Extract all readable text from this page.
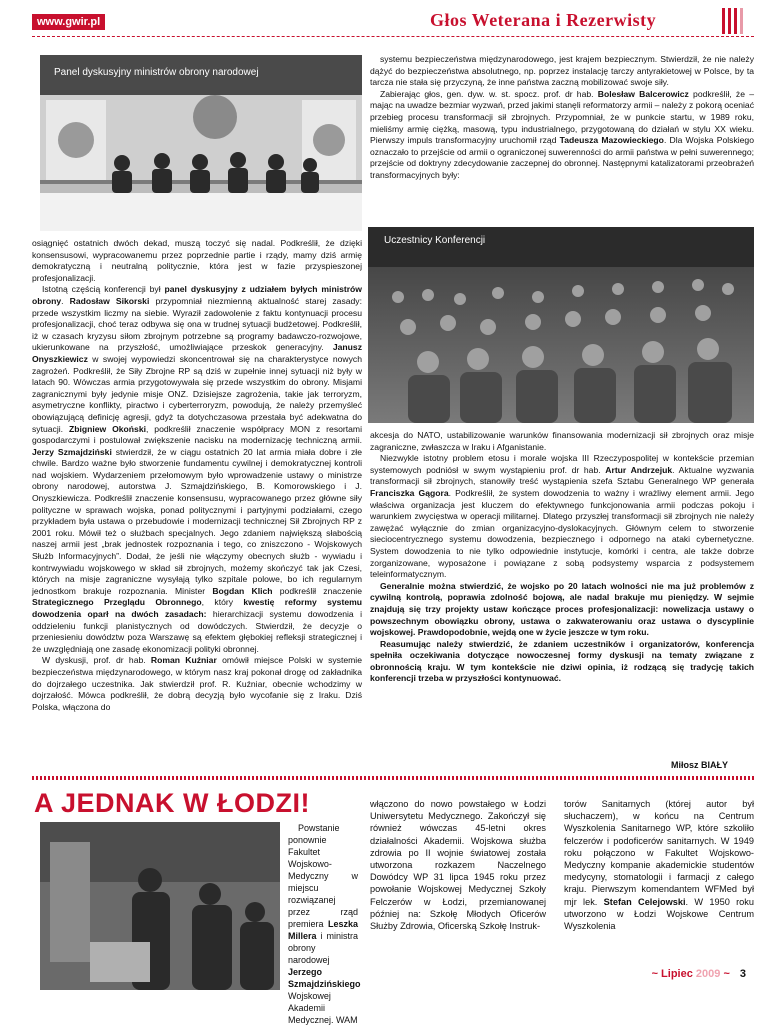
www.gwir.pl	Głos Weterana i Rezerwisty
Panel dyskusyjny ministrów obrony narodowej

systemu bezpieczeństwa międzynarodowego, jest krajem bezpiecznym. Stwierdził, że nie należy dążyć do bezpieczeństwa absolutnego, np. poprzez instalację tarczy antyrakietowej w Polsce, by ta tarcza nie stała się przyczyną, że inne państwa zaczną mobilizować swoje siły.

Zabierając głos, gen. dyw. w. st. spocz. prof. dr hab. Bolesław Balcerowicz podkreślił, że – mając na uwadze bezmiar wyzwań, przed jakimi stanęli reformatorzy armii – należy z pokorą oceniać przebieg procesu transformacji sił zbrojnych. Przypomniał, że w punkcie startu, w 1989 roku, mieliśmy armię ciężką, masową, typu industrialnego, przygotowaną do działań w stylu XX wieku. Pierwszy impuls transformacyjny uruchomił rząd Tadeusza Mazowieckiego. Dla Wojska Polskiego oznaczało to przejście od armii o ograniczonej suwerenności do armii państwa w pełni suwerennego; przejście od doktryny zdecydowanie zaczepnej do obronnej. Następnymi katalizatorami przeobrażeń transformacyjnych były:

osiągnięć ostatnich dwóch dekad, muszą toczyć się nadal. Podkreślił, że dzięki konsensusowi, wypracowanemu przez poprzednie partie i rządy, mamy dziś armię demokratyczną i neutralną politycznie, która jest w fazie przyspieszonej profesjonalizacji.

Istotną częścią konferencji był panel dyskusyjny z udziałem byłych ministrów obrony. Radosław Sikorski przypomniał niezmienną aktualność starej zasady: przede wszystkim liczmy na siebie. Wyraził zadowolenie z faktu kontynuacji procesu profesjonalizacji, choć teraz odbywa się ona w trudnej sytuacji budżetowej. Podkreślił, iż w czasach kryzysu siłom zbrojnym potrzebne są programy badawczo-rozwojowe, ukierunkowane na przyszłość, umożliwiające przeskok generacyjny. Janusz Onyszkiewicz w swojej wypowiedzi skoncentrował się na charakterystyce nowych zagrożeń. Podkreślił, że Siły Zbrojne RP są dziś w zupełnie innej sytuacji niż były w latach 90. Wówczas armia przygotowywała się przede wszystkim do obrony. Misjami zagranicznymi były jedynie misje ONZ. Dzisiejsze zagrożenia, takie jak terroryzm, asymetryczne konflikty, piractwo i cyberterroryzm, powodują, że należy przemyśleć obowiązującą definicję agresji, gdyż ta dotychczasowa przestała być adekwatna do sytuacji. Zbigniew Okoński, podkreślił znaczenie współpracy MON z resortami gospodarczymi i postulował zwiększenie nacisku na modernizację techniczną armii. Jerzy Szmajdziński stwierdził, że w ciągu ostatnich 20 lat armia miała dobre i złe chwile. Bardzo ważne było stworzenie fundamentu cywilnej i demokratycznej kontroli nad wojskiem. Wydarzeniem przełomowym było wprowadzenie ustawy o ministrze obrony narodowej, autorstwa J. Szmajdzińskiego, B. Komorowskiego i J. Onyszkiewicza. Podkreślił znaczenie konsensusu, wypracowanego przez główne siły polityczne w sprawach wojska, ponad politycznymi i partyjnymi podziałami, czego przykładem była ustawa o przebudowie i modernizacji technicznej Sił Zbrojnych RP z 2001 roku. Mówił też o służbach specjalnych. Jego zdaniem największą słabością naszej armii jest „brak jednostek rozpoznania i tego, co zniszczono - Wojskowych Służb Informacyjnych”. Dodał, że jeśli nie włączymy obecnych służb - wywiadu i kontrwywiadu wojskowego w skład sił zbrojnych, możemy skończyć tak jak Czesi, których na misje zagraniczne wysyłają tylko szpitale polowe, bo ich regularnym jednostkom brakuje rozpoznania. Minister Bogdan Klich podkreślił znaczenie Strategicznego Przeglądu Obronnego, który kwestię reformy systemu dowodzenia oparł na dwóch zasadach: hierarchizacji systemu dowodzenia i oddzieleniu funkcji planistycznych od dowódczych. Stwierdził, że decyzje o przeniesieniu dowództw poza Warszawę są efektem głębokiej refleksji strategicznej i że uwzględniają one zasadę ekonomizacji polityki obronnej.

W dyskusji, prof. dr hab. Roman Kuźniar omówił miejsce Polski w systemie bezpieczeństwa międzynarodowego, w którym nasz kraj pokonał drogę od zakładnika do dojrzałego uczestnika. Jak stwierdził prof. R. Kuźniar, obecnie wchodzimy w dojrzałość. Mówca podkreślił, że dobrą decyzją było wycofanie się z Iraku. Dziś Polska, włączona do

Uczestnicy Konferencji

akcesja do NATO, ustabilizowanie warunków finansowania modernizacji sił zbrojnych oraz misje zagraniczne, zwłaszcza w Iraku i Afganistanie.

Niezwykle istotny problem etosu i morale wojska III Rzeczypospolitej w kontekście przemian systemowych podniósł w swym wystąpieniu prof. dr hab. Artur Andrzejuk. Aktualne wyzwania transformacji sił zbrojnych, stanowiły treść wystąpienia szefa Sztabu Generalnego WP generała Franciszka Gągora. Podkreślił, że system dowodzenia to ważny i wrażliwy element armii. Jego właściwa organizacja jest kluczem do efektywnego funkcjonowania armii podczas pokoju i warunkiem zwycięstwa w operacji militarnej. Dlatego przyszłej transformacji sił zbrojnych nie należy zawężać wyłącznie do zmian organizacyjno-dyslokacyjnych. Głównym celem to stworzenie sieciocentrycznego systemu dowodzenia, bezpiecznego i odpornego na ataki cybernetyczne. System dowodzenia to nie tylko odpowiednie instytucje, komórki i centra, ale także dobrze zorganizowane, wyposażone i powiązane z sobą podsystemy wsparcia z podsystemem teleinformatycznym.

Generalnie można stwierdzić, że wojsko po 20 latach wolności nie ma już problemów z cywilną kontrolą, poprawia zdolność bojową, ale nadal brakuje mu pieniędzy. W sejmie znajdują się trzy projekty ustaw kończące proces profesjonalizacji: nowelizacja ustawy o powszechnym obowiązku obrony, ustawa o zakwaterowaniu oraz ustawa o dyscyplinie wojskowej. Prawdopodobnie, wejdą one w życie jeszcze w tym roku.

Reasumując należy stwierdzić, że zdaniem uczestników i organizatorów, konferencja spełniła oczekiwania dotyczące nowoczesnej formy dyskusji na tematy związane z obronnością kraju. W tym kontekście nie dziwi opinia, iż rodzącą się tradycję takich konferencji trzeba w przyszłości kontynuować.

Miłosz BIAŁY
A JEDNAK W ŁODZI!

Powstanie ponownie Fakultet Wojskowo-Medyczny w miejscu rozwiązanej przez rząd premiera Leszka Millera i ministra obrony narodowej Jerzego Szmajdzińskiego Wojskowej Akademii Medycznej. WAM

włączono do nowo powstałego w Łodzi Uniwersytetu Medycznego. Zakończył się również wówczas 45-letni okres działalności Akademii. Wojskowa służba zdrowia po II wojnie światowej została utworzona rozkazem Naczelnego Dowódcy WP 31 lipca 1945 roku przez powołanie Wojskowej Medycznej Szkoły Felczerów w Łodzi, przemianowanej później na: Szkołę Młodych Oficerów Służby Zdrowia, Oficerską Szkołę Instruk-

torów Sanitarnych (której autor był słuchaczem), w końcu na Centrum Wyszkolenia Sanitarnego WP, które szkoliło felczerów i podoficerów sanitarnych. W 1949 roku połączono w Fakultet Wojskowo-Medyczny kompanie akademickie studentów medycyny, stomatologii i farmacji z całego kraju. Pierwszym komendantem WFMed był mjr lek. Stefan Celejowski. W 1950 roku utworzono w Łodzi Wojskowe Centrum Wyszkolenia

~ Lipiec 2009 ~ 3
